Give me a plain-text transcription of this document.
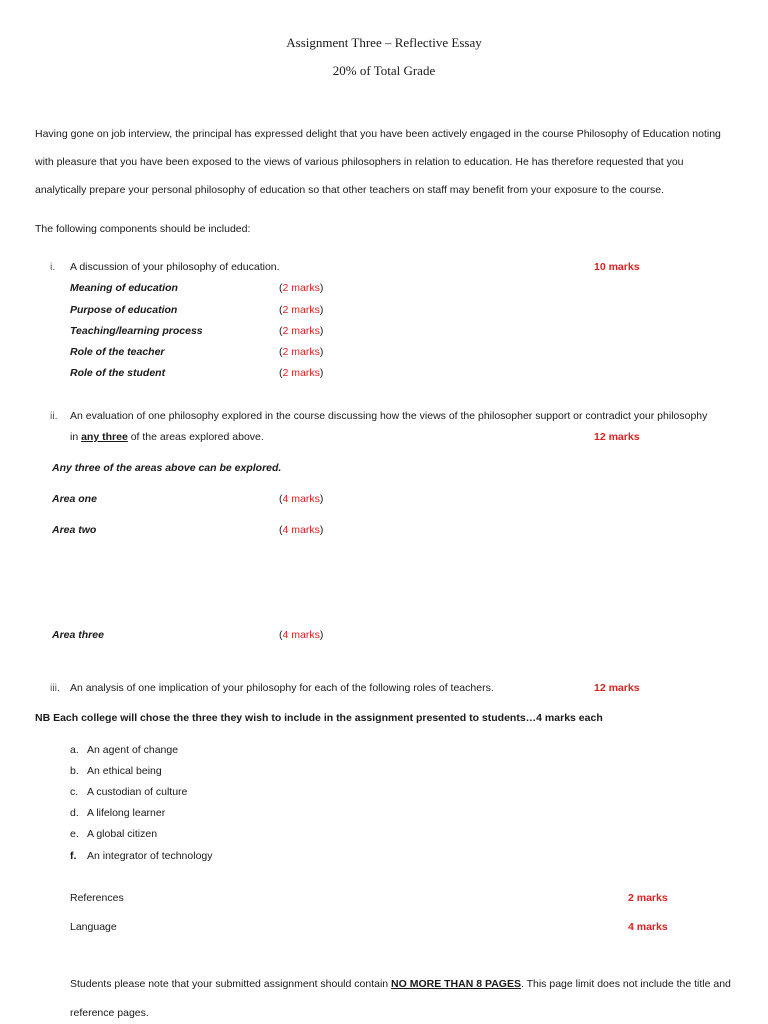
Assignment Three – Reflective Essay
20% of Total Grade
Having gone on job interview, the principal has expressed delight that you have been actively engaged in the course Philosophy of Education noting
with pleasure that you have been exposed to the views of various philosophers in relation to education. He has therefore requested that you
analytically prepare your personal philosophy of education so that other teachers on staff may benefit from your exposure to the course.
The following components should be included:
i. A discussion of your philosophy of education.	10 marks
Meaning of education	(2 marks)
Purpose of education	(2 marks)
Teaching/learning process	(2 marks)
Role of the teacher	(2 marks)
Role of the student	(2 marks)
ii. An evaluation of one philosophy explored in the course discussing how the views of the philosopher support or contradict your philosophy
in any three of the areas explored above.	12 marks
Any three of the areas above can be explored.
Area one	(4 marks)
Area two	(4 marks)
Area three	(4 marks)
iii. An analysis of one implication of your philosophy for each of the following roles of teachers.	12 marks
NB Each college will chose the three they wish to include in the assignment presented to students…4 marks each
a. An agent of change
b. An ethical being
c. A custodian of culture
d. A lifelong learner
e. A global citizen
f. An integrator of technology
References	2 marks
Language	4 marks
Students please note that your submitted assignment should contain NO MORE THAN 8 PAGES. This page limit does not include the title and
reference pages.
